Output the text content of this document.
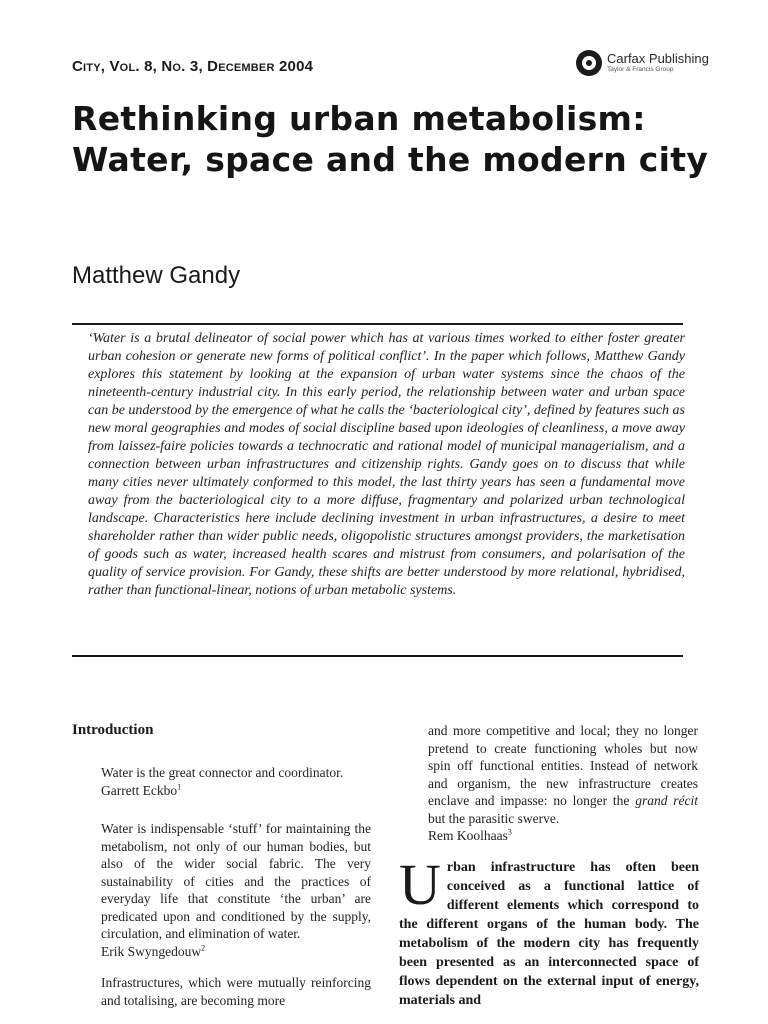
City, Vol. 8, No. 3, December 2004	Carfax Publishing
Taylor & Francis Group
Rethinking urban metabolism: Water, space and the modern city
Matthew Gandy

‘Water is a brutal delineator of social power which has at various times worked to either foster greater urban cohesion or generate new forms of political conflict’. In the paper which follows, Matthew Gandy explores this statement by looking at the expansion of urban water systems since the chaos of the nineteenth-century industrial city. In this early period, the relationship between water and urban space can be understood by the emergence of what he calls the ‘bacteriological city’, defined by features such as new moral geographies and modes of social discipline based upon ideologies of cleanliness, a move away from laissez-faire policies towards a technocratic and rational model of municipal managerialism, and a connection between urban infrastructures and citizenship rights. Gandy goes on to discuss that while many cities never ultimately conformed to this model, the last thirty years has seen a fundamental move away from the bacteriological city to a more diffuse, fragmentary and polarized urban technological landscape. Characteristics here include declining investment in urban infrastructures, a desire to meet shareholder rather than wider public needs, oligopolistic structures amongst providers, the marketisation of goods such as water, increased health scares and mistrust from consumers, and polarisation of the quality of service provision. For Gandy, these shifts are better understood by more relational, hybridised, rather than functional-linear, notions of urban metabolic systems.

Introduction

Water is the great connector and coordinator.

Garrett Eckbo$^1$

Water is indispensable ‘stuff’ for maintaining the metabolism, not only of our human bodies, but also of the wider social fabric. The very sustainability of cities and the practices of everyday life that constitute ‘the urban’ are predicated upon and conditioned by the supply, circulation, and elimination of water.

Erik Swyngedouw$^2$

Infrastructures, which were mutually reinforcing and totalising, are becoming more

and more competitive and local; they no longer pretend to create functioning wholes but now spin off functional entities. Instead of network and organism, the new infrastructure creates enclave and impasse: no longer the grand récit but the parasitic swerve.

Rem Koolhaas$^3$

Urban infrastructure has often been conceived as a functional lattice of different elements which correspond to the different organs of the human body. The metabolism of the modern city has frequently been presented as an interconnected space of flows dependent on the external input of energy, materials and
